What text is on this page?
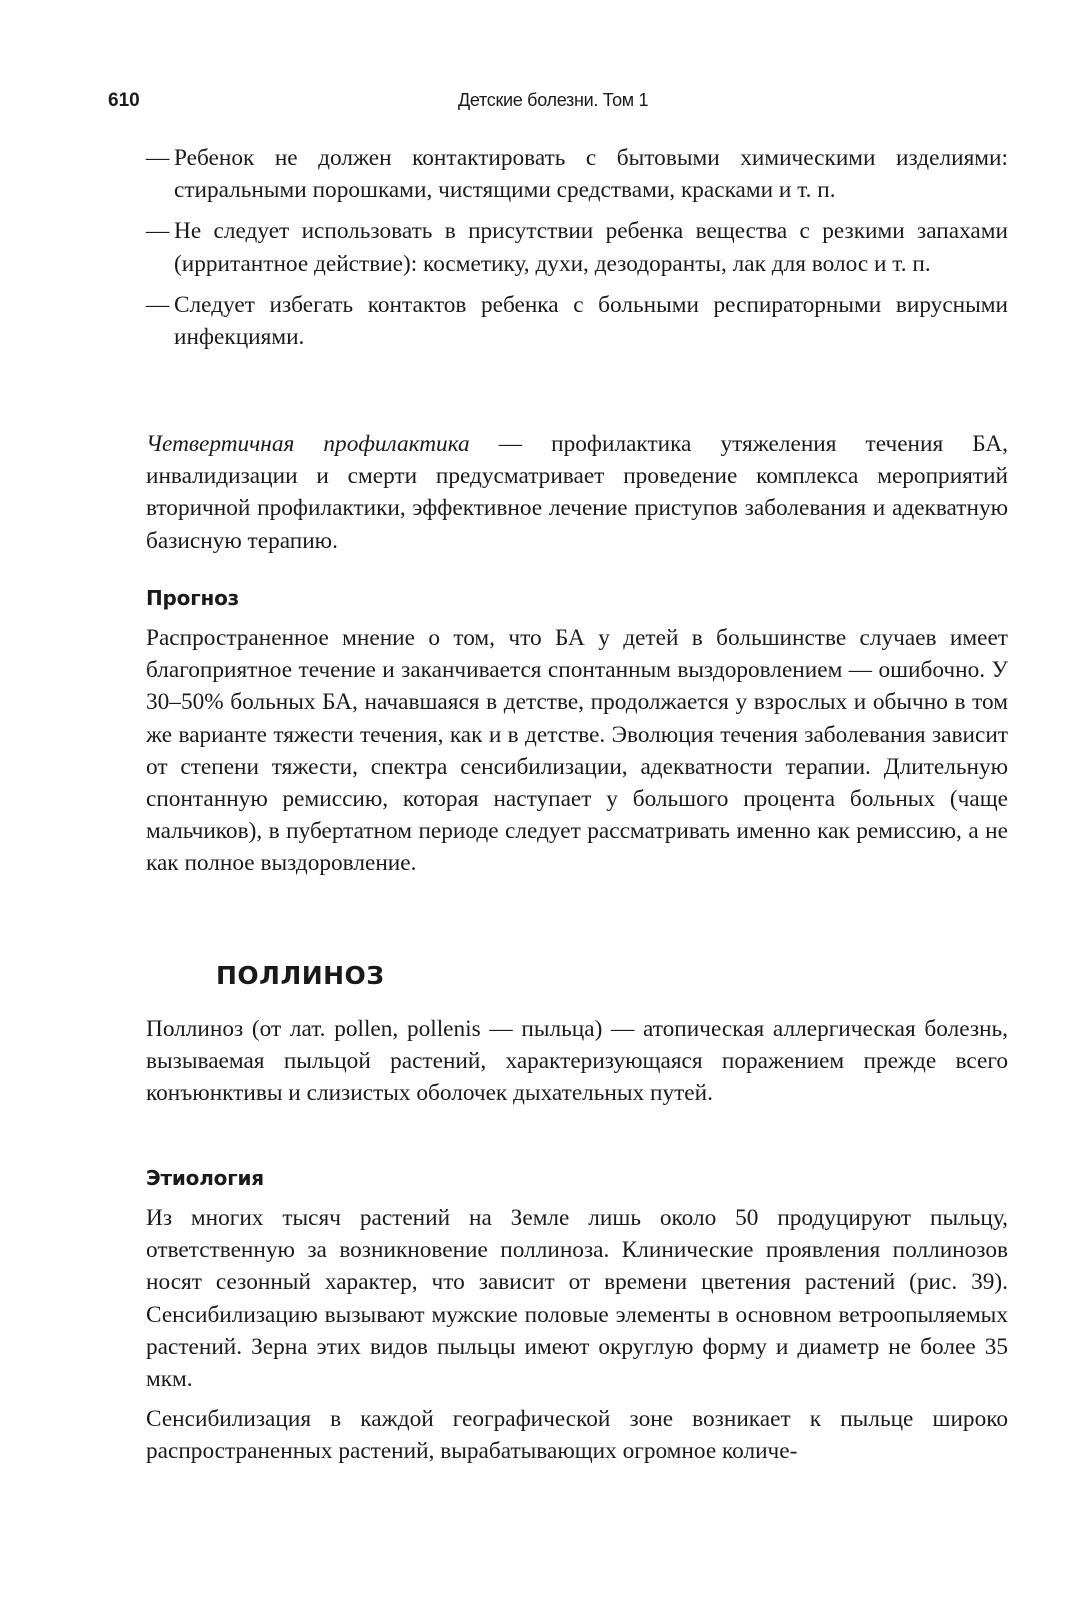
610	Детские болезни. Том 1
— Ребенок не должен контактировать с бытовыми химическими изделиями: стиральными порошками, чистящими средствами, красками и т. п.
— Не следует использовать в присутствии ребенка вещества с резкими запахами (ирритантное действие): косметику, духи, дезодоранты, лак для волос и т. п.
— Следует избегать контактов ребенка с больными респираторными вирусными инфекциями.

Четвертичная профилактика — профилактика утяжеления течения БА, инвалидизации и смерти предусматривает проведение комплекса мероприятий вторичной профилактики, эффективное лечение приступов заболевания и адекватную базисную терапию.

Прогноз

Распространенное мнение о том, что БА у детей в большинстве случаев имеет благоприятное течение и заканчивается спонтанным выздоровлением — ошибочно. У 30–50% больных БА, начавшаяся в детстве, продолжается у взрослых и обычно в том же варианте тяжести течения, как и в детстве. Эволюция течения заболевания зависит от степени тяжести, спектра сенсибилизации, адекватности терапии. Длительную спонтанную ремиссию, которая наступает у большого процента больных (чаще мальчиков), в пубертатном периоде следует рассматривать именно как ремиссию, а не как полное выздоровление.

ПОЛЛИНОЗ

Поллиноз (от лат. pollen, pollenis — пыльца) — атопическая аллергическая болезнь, вызываемая пыльцой растений, характеризующаяся поражением прежде всего конъюнктивы и слизистых оболочек дыхательных путей.

Этиология

Из многих тысяч растений на Земле лишь около 50 продуцируют пыльцу, ответственную за возникновение поллиноза. Клинические проявления поллинозов носят сезонный характер, что зависит от времени цветения растений (рис. 39). Сенсибилизацию вызывают мужские половые элементы в основном ветроопыляемых растений. Зерна этих видов пыльцы имеют округлую форму и диаметр не более 35 мкм.

Сенсибилизация в каждой географической зоне возникает к пыльце широко распространенных растений, вырабатывающих огромное количе-
